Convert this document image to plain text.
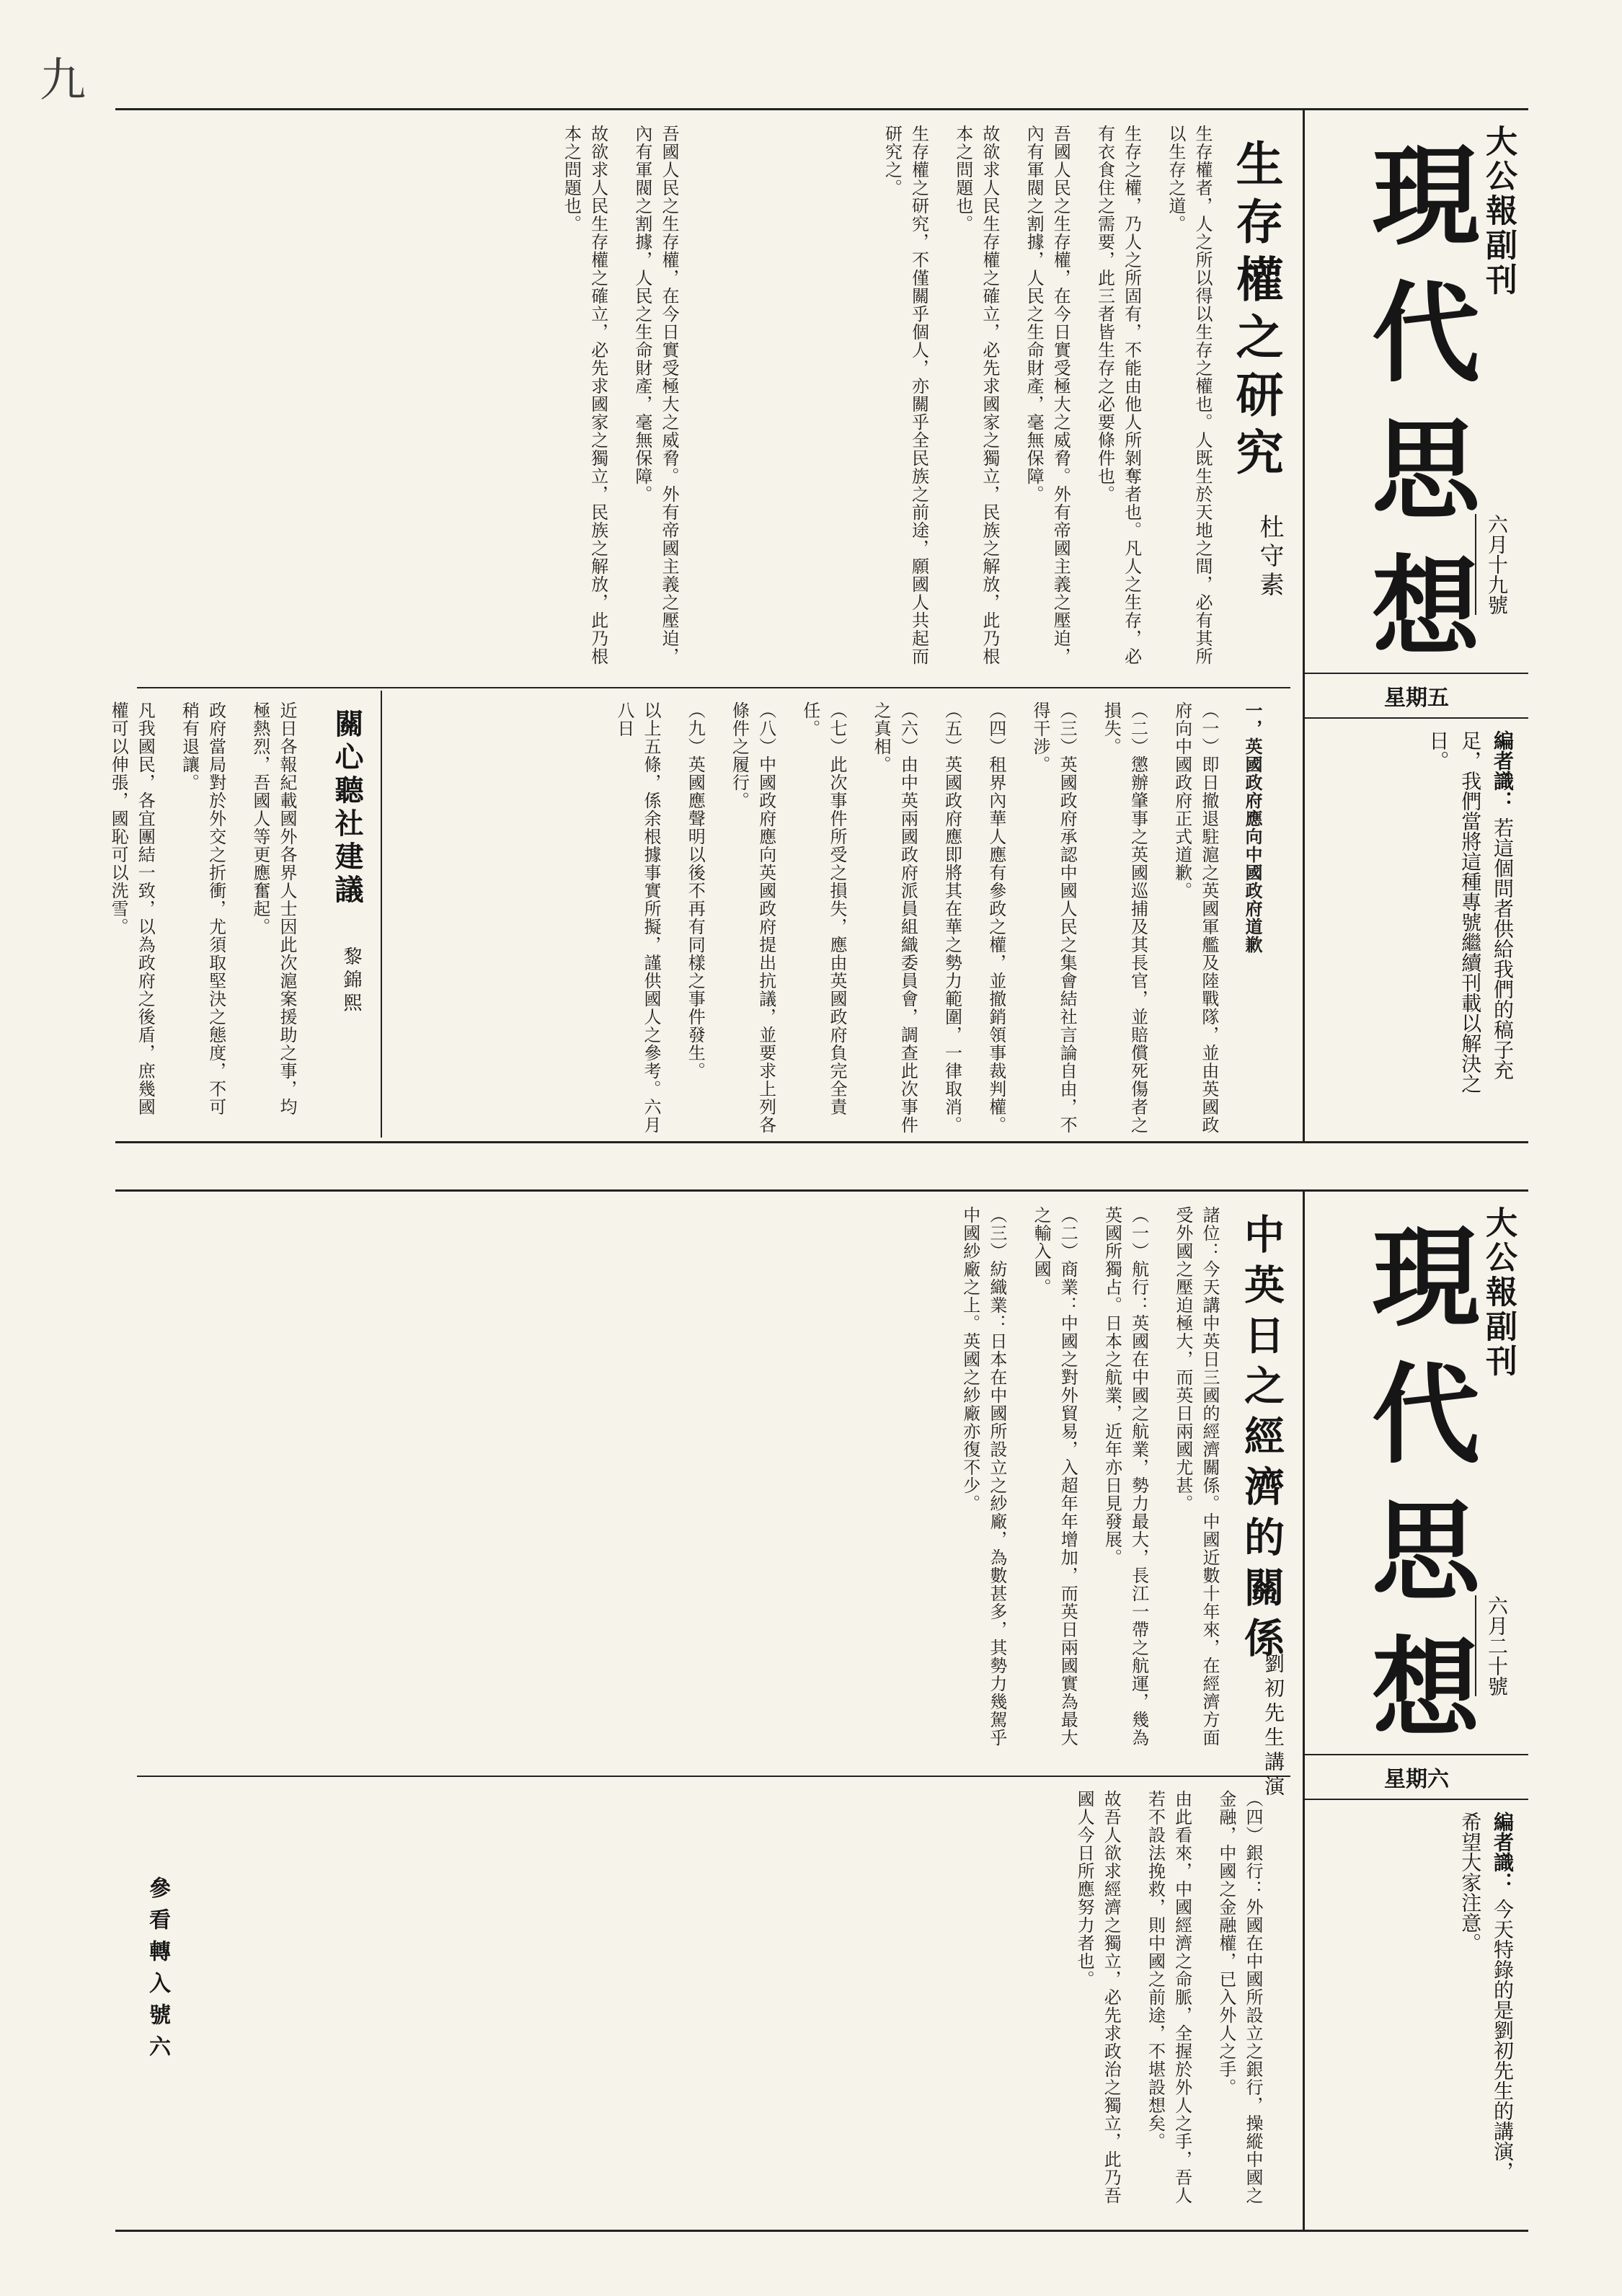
九
大公報副刊
現代思想 六月十九號
星期五
編者識： 若這個問者供給我們的稿子充足，我們當將這種專號繼續刊載以解決之日。
生存權之研究
杜守素

生存權者，人之所以得以生存之權也。人既生於天地之間，必有其所以生存之道。

生存之權，乃人之所固有，不能由他人所剝奪者也。凡人之生存，必有衣食住之需要，此三者皆生存之必要條件也。

吾國人民之生存權，在今日實受極大之威脅。外有帝國主義之壓迫，內有軍閥之割據，人民之生命財產，毫無保障。

故欲求人民生存權之確立，必先求國家之獨立，民族之解放，此乃根本之問題也。

生存權之研究，不僅關乎個人，亦關乎全民族之前途，願國人共起而研究之。

吾國人民之生存權，在今日實受極大之威脅。外有帝國主義之壓迫，內有軍閥之割據，人民之生命財產，毫無保障。

故欲求人民生存權之確立，必先求國家之獨立，民族之解放，此乃根本之問題也。

關心聽社建議
黎錦熙

近日各報紀載國外各界人士因此次滬案援助之事，均極熱烈，吾國人等更應奮起。

政府當局對於外交之折衝，尤須取堅決之態度，不可稍有退讓。

凡我國民，各宜團結一致，以為政府之後盾，庶幾國權可以伸張，國恥可以洗雪。	一，英國政府應向中國政府道歉

（一）即日撤退駐滬之英國軍艦及陸戰隊，並由英國政府向中國政府正式道歉。

（二）懲辦肇事之英國巡捕及其長官，並賠償死傷者之損失。

（三）英國政府承認中國人民之集會結社言論自由，不得干涉。

（四）租界內華人應有參政之權，並撤銷領事裁判權。

（五）英國政府應即將其在華之勢力範圍，一律取消。

（六）由中英兩國政府派員組織委員會，調查此次事件之真相。

（七）此次事件所受之損失，應由英國政府負完全責任。

（八）中國政府應向英國政府提出抗議，並要求上列各條件之履行。

（九）英國應聲明以後不再有同樣之事件發生。

以上五條，係余根據事實所擬，謹供國人之參考。六月八日

大公報副刊
現代思想 六月二十號
星期六
編者識： 今天特錄的是劉初先生的講演，希望大家注意。
中英日之經濟的關係
劉初先生講演

諸位：今天講中英日三國的經濟關係。中國近數十年來，在經濟方面受外國之壓迫極大，而英日兩國尤甚。

（一）航行：英國在中國之航業，勢力最大，長江一帶之航運，幾為英國所獨占。日本之航業，近年亦日見發展。

（二）商業：中國之對外貿易，入超年年增加，而英日兩國實為最大之輸入國。

（三）紡織業：日本在中國所設立之紗廠，為數甚多，其勢力幾駕乎中國紗廠之上。英國之紗廠亦復不少。

（四）銀行：外國在中國所設立之銀行，操縱中國之金融，中國之金融權，已入外人之手。

由此看來，中國經濟之命脈，全握於外人之手，吾人若不設法挽救，則中國之前途，不堪設想矣。

故吾人欲求經濟之獨立，必先求政治之獨立，此乃吾國人今日所應努力者也。

參看轉入號六
